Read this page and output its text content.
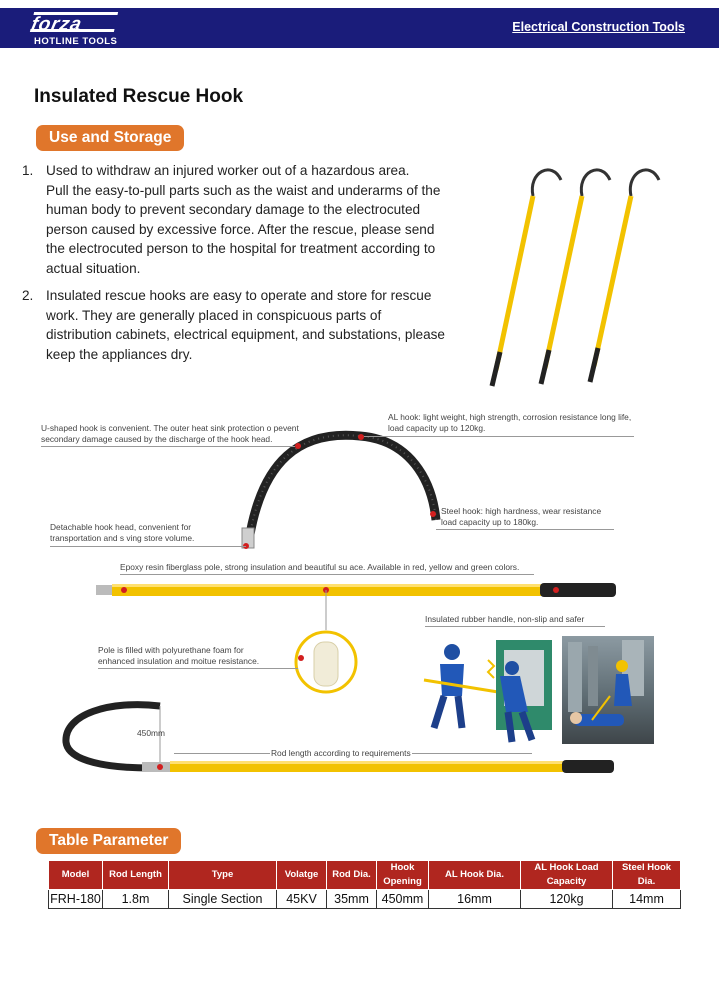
forza
HOTLINE TOOLS
Electrical Construction Tools
Insulated Rescue Hook
Use and Storage
1. Used to withdraw an injured worker out of a hazardous area.
Pull the easy-to-pull parts such as the waist and underarms of the
human body to prevent secondary damage to the electrocuted
person caused by excessive force. After the rescue, please send
the electrocuted person to the hospital for treatment according to
actual situation.
2. Insulated rescue hooks are easy to operate and store for rescue
work. They are generally placed in conspicuous parts of
distribution cabinets, electrical equipment, and substations, please
keep the appliances dry.
U-shaped hook is convenient. The outer heat sink protection o pevent
secondary damage caused by the discharge of the hook head.
AL hook: light weight, high strength, corrosion resistance long life,
load capacity up to 120kg.
Steel hook: high hardness, wear resistance
load capacity up to 180kg.
Detachable hook head, convenient for
transportation and s ving store volume.
Epoxy resin fiberglass pole, strong insulation and beautiful su ace. Available in red, yellow and green colors.
Insulated rubber handle, non-slip and safer
Pole is filled with polyurethane foam for
enhanced insulation and moitue resistance.
450mm
Rod length according to requirements
Table Parameter
Model	Rod Length	Type	Volatge	Rod Dia.	Hook Opening	AL Hook Dia.	AL Hook Load Capacity	Steel Hook Dia.
FRH-180	1.8m	Single Section	45KV	35mm	450mm	16mm	120kg	14mm
